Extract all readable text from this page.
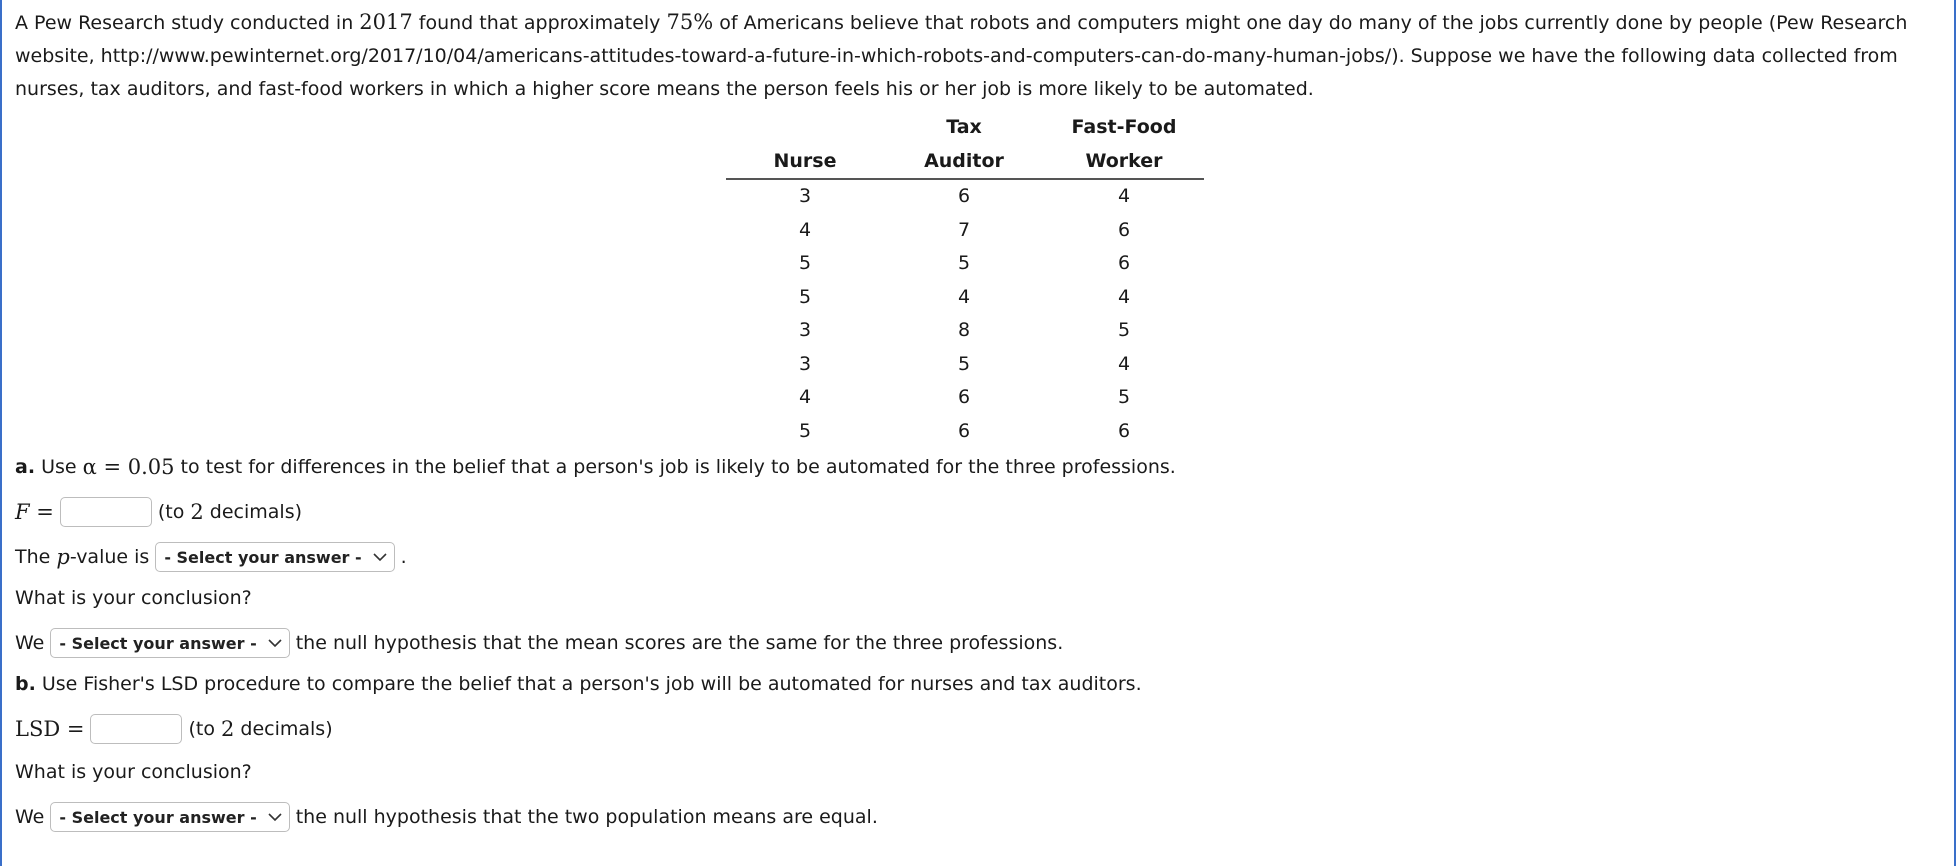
A Pew Research study conducted in 2017 found that approximately 75% of Americans believe that robots and computers might one day do many of the jobs currently done by people (Pew Research website, http://www.pewinternet.org/2017/10/04/americans-attitudes-toward-a-future-in-which-robots-and-computers-can-do-many-human-jobs/). Suppose we have the following data collected from nurses, tax auditors, and fast-food workers in which a higher score means the person feels his or her job is more likely to be automated.

	Tax	Fast-Food
Nurse	Auditor	Worker
3	6	4
4	7	6
5	5	6
5	4	4
3	8	5
3	5	4
4	6	5
5	6	6
a. Use α = 0.05 to test for differences in the belief that a person's job is likely to be automated for the three professions.
F =	(to 2 decimals)
The p -value is - Select your answer - .
What is your conclusion?
We - Select your answer - the null hypothesis that the mean scores are the same for the three professions.
b. Use Fisher's LSD procedure to compare the belief that a person's job will be automated for nurses and tax auditors.
LSD =	(to 2 decimals)
What is your conclusion?
We - Select your answer - the null hypothesis that the two population means are equal.
